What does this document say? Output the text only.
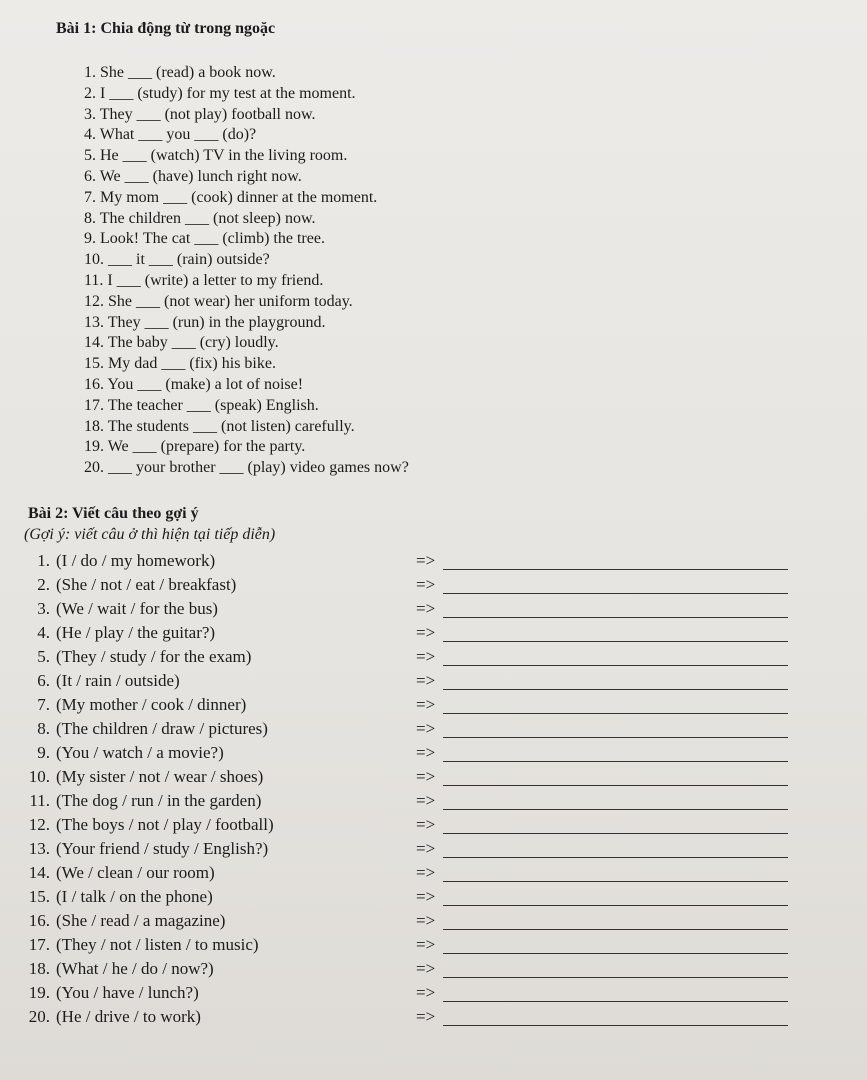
Bài 1: Chia động từ trong ngoặc
1. She ___ (read) a book now.
2. I ___ (study) for my test at the moment.
3. They ___ (not play) football now.
4. What ___ you ___ (do)?
5. He ___ (watch) TV in the living room.
6. We ___ (have) lunch right now.
7. My mom ___ (cook) dinner at the moment.
8. The children ___ (not sleep) now.
9. Look! The cat ___ (climb) the tree.
10. ___ it ___ (rain) outside?
11. I ___ (write) a letter to my friend.
12. She ___ (not wear) her uniform today.
13. They ___ (run) in the playground.
14. The baby ___ (cry) loudly.
15. My dad ___ (fix) his bike.
16. You ___ (make) a lot of noise!
17. The teacher ___ (speak) English.
18. The students ___ (not listen) carefully.
19. We ___ (prepare) for the party.
20. ___ your brother ___ (play) video games now?
Bài 2: Viết câu theo gợi ý
(Gợi ý: viết câu ở thì hiện tại tiếp diễn)
1. (I / do / my homework)	=>
2. (She / not / eat / breakfast)	=>
3. (We / wait / for the bus)	=>
4. (He / play / the guitar?)	=>
5. (They / study / for the exam)	=>
6. (It / rain / outside)	=>
7. (My mother / cook / dinner)	=>
8. (The children / draw / pictures)	=>
9. (You / watch / a movie?)	=>
10. (My sister / not / wear / shoes)	=>
11. (The dog / run / in the garden)	=>
12. (The boys / not / play / football)	=>
13. (Your friend / study / English?)	=>
14. (We / clean / our room)	=>
15. (I / talk / on the phone)	=>
16. (She / read / a magazine)	=>
17. (They / not / listen / to music)	=>
18. (What / he / do / now?)	=>
19. (You / have / lunch?)	=>
20. (He / drive / to work)	=>
